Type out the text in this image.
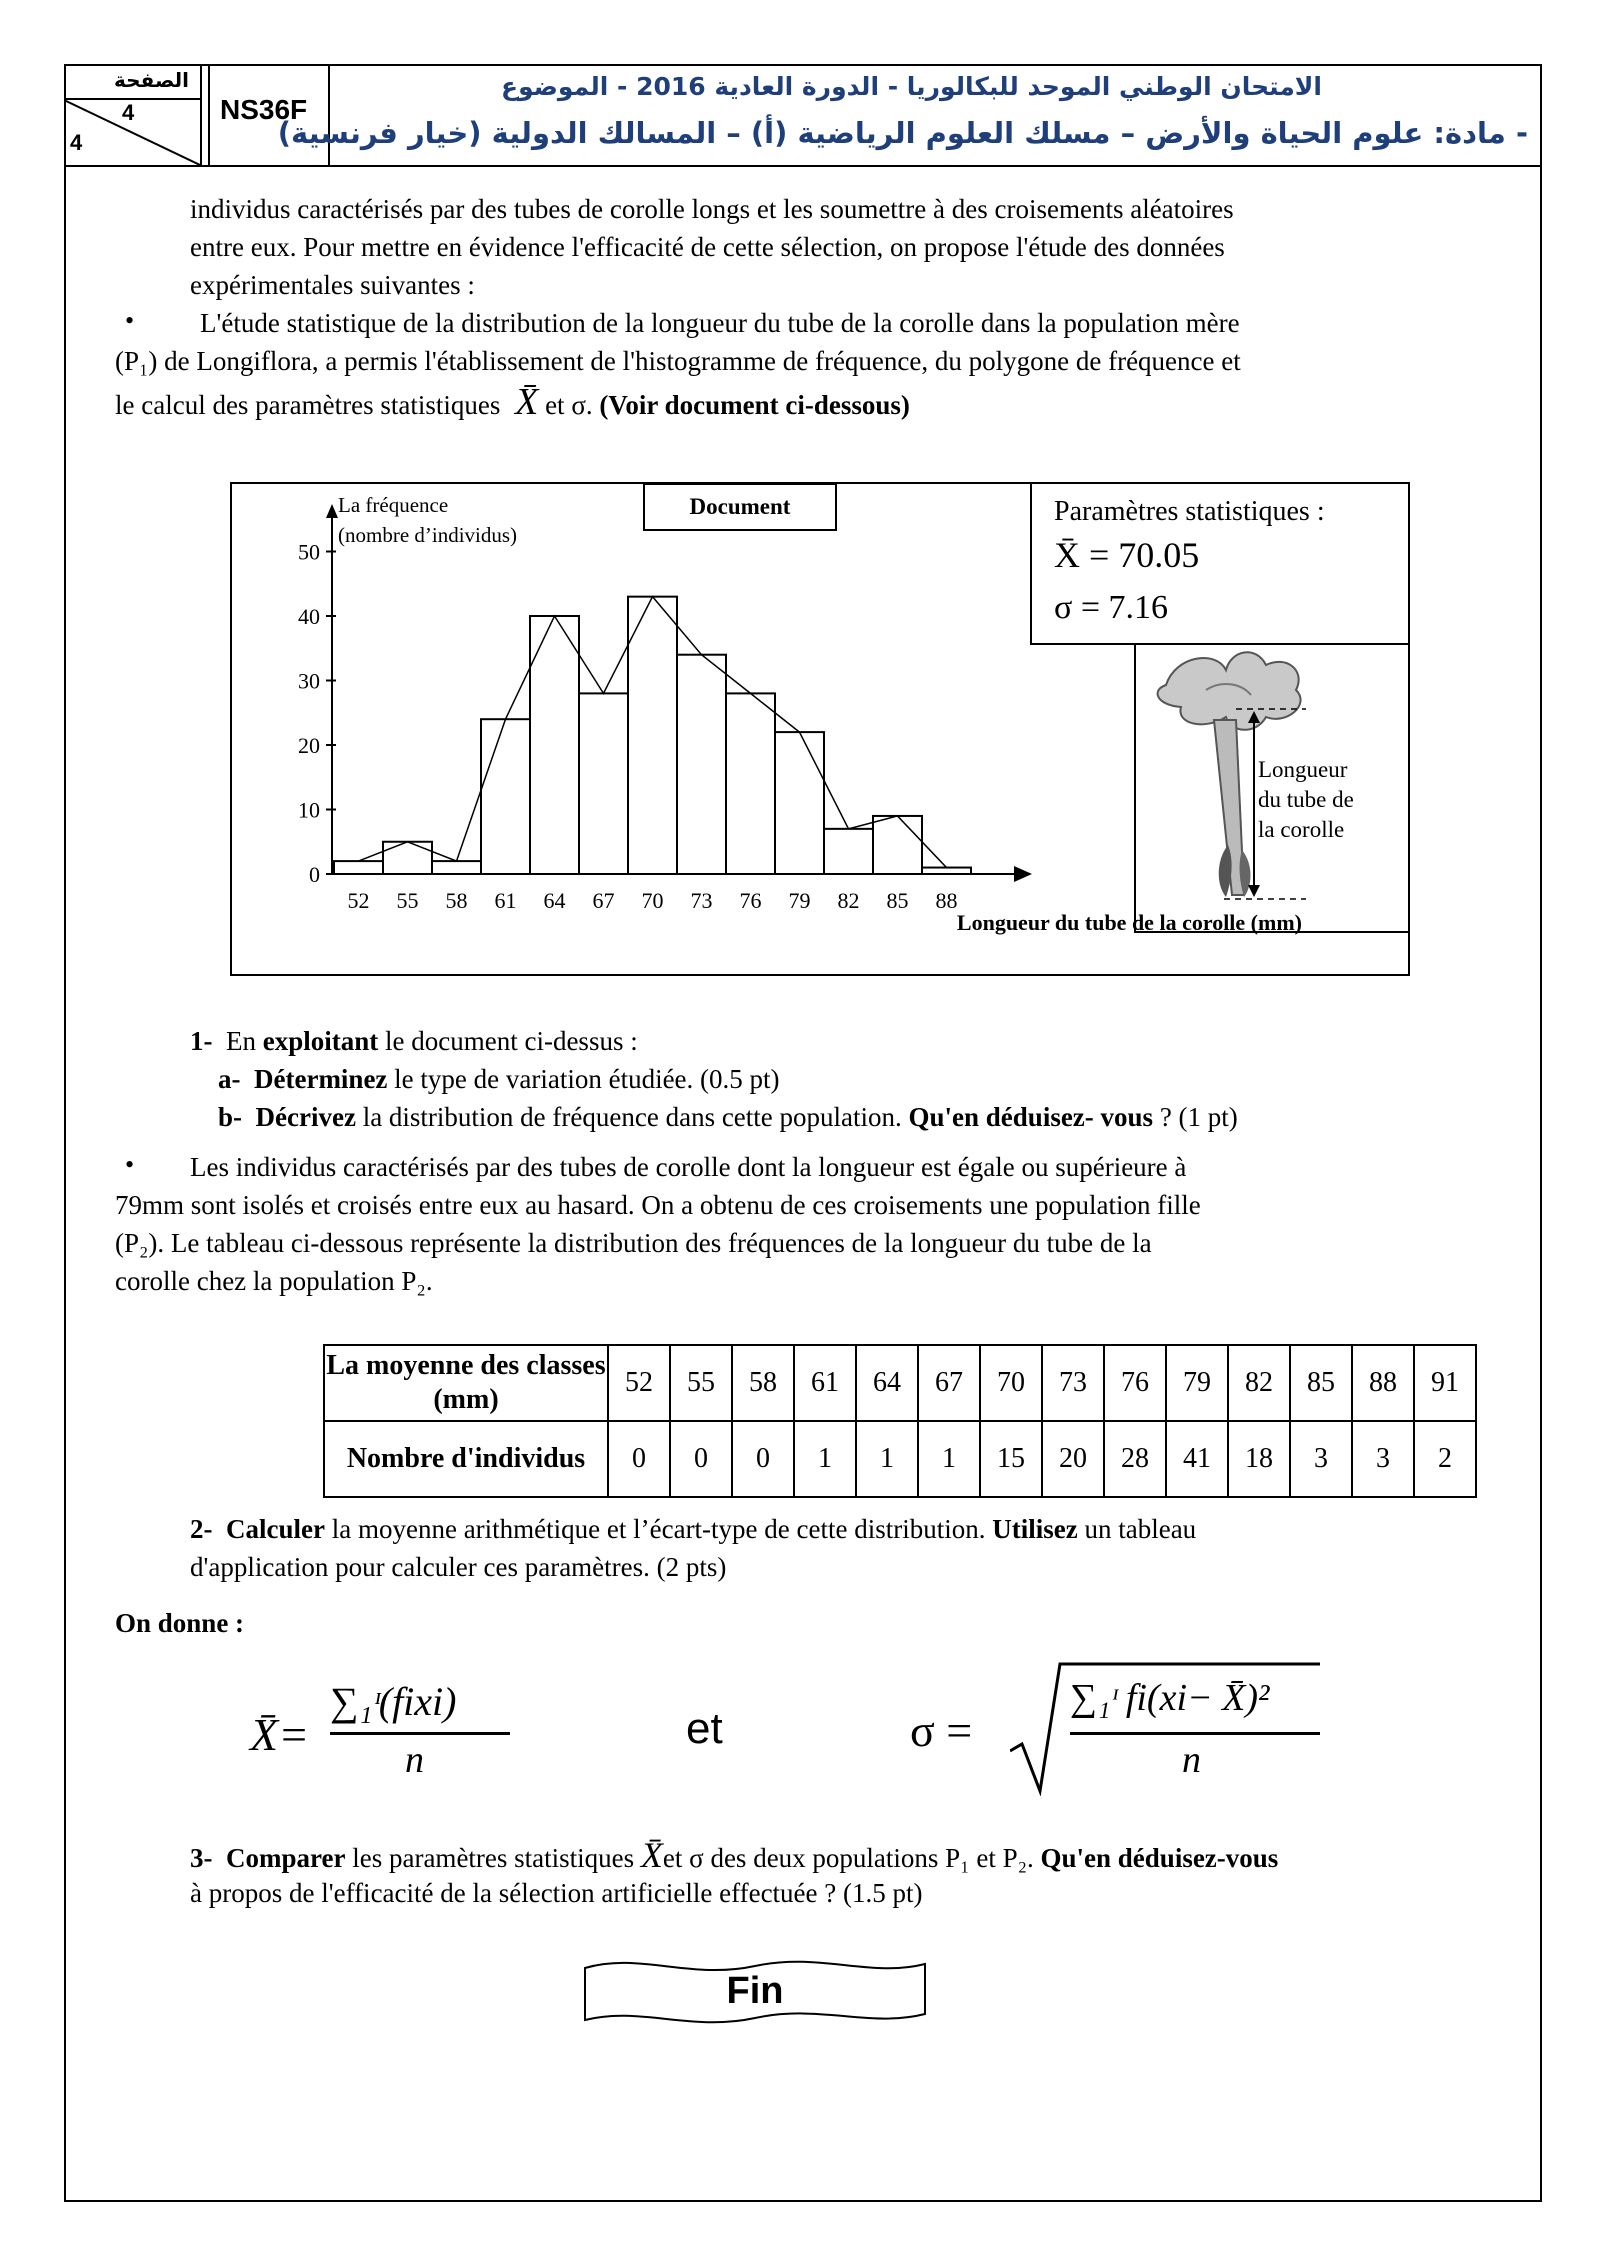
الصفحة
4
4
NS36F
الامتحان الوطني الموحد للبكالوريا - الدورة العادية 2016 - الموضوع
- مادة: علوم الحياة والأرض – مسلك العلوم الرياضية (أ) – المسالك الدولية (خيار فرنسية)
individus caractérisés par des tubes de corolle longs et les soumettre à des croisements aléatoires
entre eux. Pour mettre en évidence l'efficacité de cette sélection, on propose l'étude des données
expérimentales suivantes :
• L'étude statistique de la distribution de la longueur du tube de la corolle dans la population mère
(P₁) de Longiflora, a permis l'établissement de l'histogramme de fréquence, du polygone de fréquence et
le calcul des paramètres statistiques X̄ et σ. (Voir document ci-dessous)
Document
0
10
20
30
40
50
52 55 58 61 64 67 70 73 76 79 82 85 88
La fréquence
(nombre d’individus)
Longueur du tube de la corolle (mm)
Paramètres statistiques :
X̄ = 70.05
σ = 7.16
Longueur
du tube de
la corolle
1- En exploitant le document ci-dessus :
a- Déterminez le type de variation étudiée. (0.5 pt)
b- Décrivez la distribution de fréquence dans cette population. Qu'en déduisez- vous ? (1 pt)
• Les individus caractérisés par des tubes de corolle dont la longueur est égale ou supérieure à
79mm sont isolés et croisés entre eux au hasard. On a obtenu de ces croisements une population fille
(P₂). Le tableau ci-dessous représente la distribution des fréquences de la longueur du tube de la
corolle chez la population P₂.
La moyenne des classes (mm)	52	55	58	61	64	67	70	73	76	79	82	85	88	91
Nombre d'individus	0	0	0	1	1	1	15	20	28	41	18	3	3	2
2- Calculer la moyenne arithmétique et l’écart-type de cette distribution. Utilisez un tableau
d'application pour calculer ces paramètres. (2 pts)
On donne :
X̄=
∑₁ᶦ(fixi)
n
et	σ =
∑₁ᶦ fi(xi− X̄)²
n
3- Comparer les paramètres statistiques X̄et σ des deux populations P₁ et P₂. Qu'en déduisez-vous
à propos de l'efficacité de la sélection artificielle effectuée ? (1.5 pt)
Fin
